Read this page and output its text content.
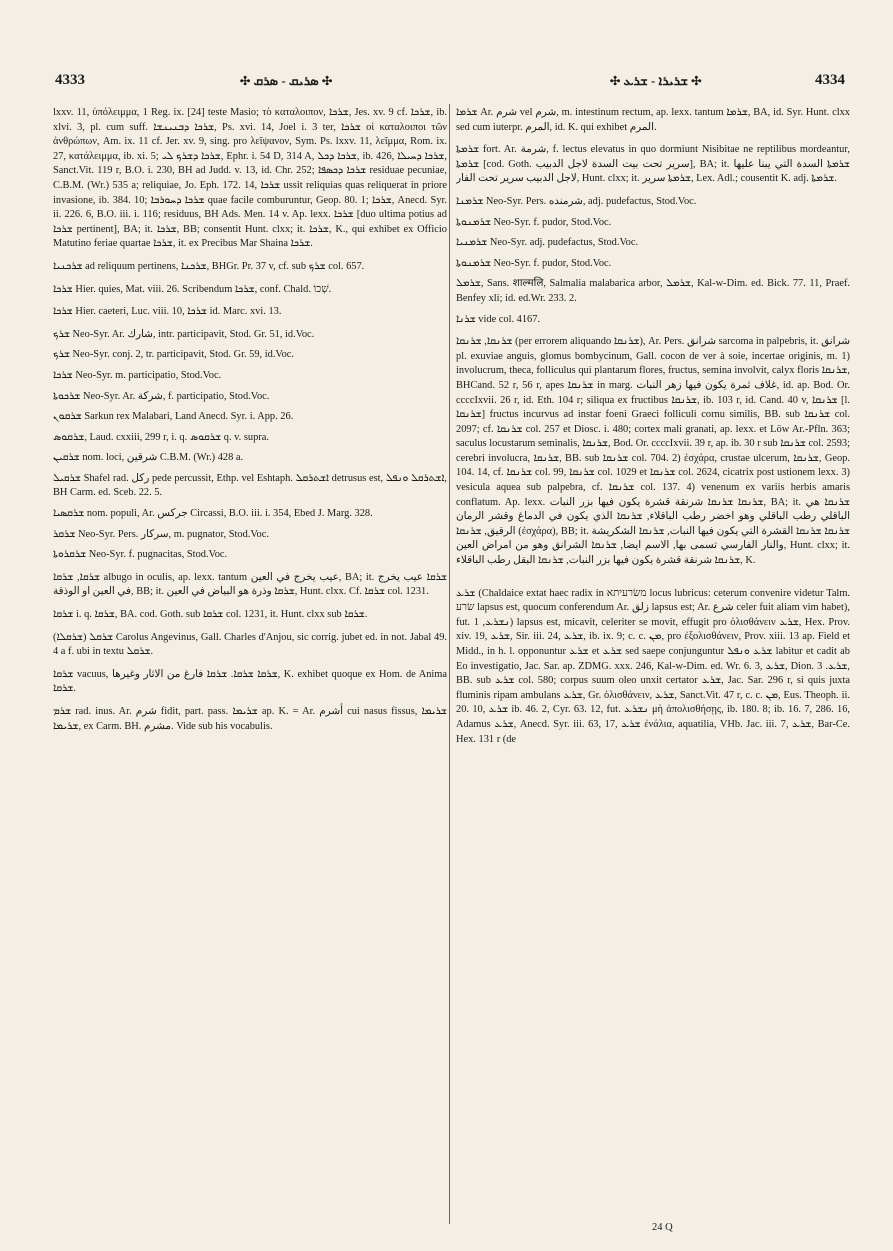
4333	✣ ܣܪܝܩ - ܣܪܩ ✣	✣ ܫܪܝܪܐ - ܫܪܥ ✣	4334

lxxv. 11, ὑπόλειμμα, 1 Reg. ix. [24] teste Masio; τὸ καταλοιπον, ܫܪܟܐ, Jes. xv. 9 cf. ܫܪܟܐ, ib. xlvi. 3, pl. cum suff. ܫܪܟܐ ܕܒܢܝܢܫܐ, Ps. xvi. 14, Joel i. 3 ter, ܫܪܟܐ οἱ καταλοιποι τῶν ἀνθρώπων, Am. ix. 11 cf. Jer. xv. 9, sing. pro λεῖψανον, Sym. Ps. lxxv. 11, λεῖμμα, Rom. ix. 27, κατάλειμμα, ib. xi. 5; ܫܪܟܐ ܕܫܪܟ ܠܝ, Ephr. i. 54 D, 314 A, ܫܪܟܐ ܕܟܠ, ib. 426, ܫܪܟܐ ܕܚܝܠܐ, Sanct.Vit. 119 r, B.O. i. 230, BH ad Judd. v. 13, id. Chr. 252; ܫܪܟܐ ܕܟܣܦܐ residuae pecuniae, C.B.M. (Wr.) 535 a; reliquiae, Jo. Eph. 172. 14, ܫܪܟܐ ussit reliquias quas reliquerat in priore invasione, ib. 384. 10; ܫܪܟܐ ܕܚܘܪܒܐ quae facile comburuntur, Geop. 80. 1; ܫܪܟܐ, Anecd. Syr. ii. 226. 6, B.O. iii. i. 116; residuus, BH Ads. Men. 14 v. Ap. lexx. ܫܪܟܐ [duo ultima potius ad ܫܪܟܐ pertinent], BA; it. ܫܪܟܐ, BB; consentit Hunt. clxx; it. ܫܪܟܐ, K., qui exhibet ex Officio Matutino feriae quartae ܫܪܟܐ, it. ex Precibus Mar Shaina ܫܪܟܐ.

ܫܪܟܢܝܐ ad reliquum pertinens, ܫܪܟܢܐ, BHGr. Pr. 37 v, cf. sub ܫܪܟ col. 657.

ܫܪܟܐ Hier. quies, Mat. viii. 26. Scribendum ܫܪܟܐ, conf. Chald. שְׁכוֹ.

ܫܪܟܐ Hier. caeteri, Luc. viii. 10, ܫܪܟܐ id. Marc. xvi. 13.

ܫܪܟ Neo-Syr. Ar. شارك, intr. participavit, Stod. Gr. 51, id.Voc.

ܫܪܟ Neo-Syr. conj. 2, tr. participavit, Stod. Gr. 59, id.Voc.

ܫܪܟܐ Neo-Syr. m. participatio, Stod.Voc.

ܫܪܟܘܬܐ Neo-Syr. Ar. شركة, f. participatio, Stod.Voc.

ܫܪܩܘܢ Sarkun rex Malabari, Land Anecd. Syr. i. App. 26.

ܫܪܩܘܣ, Laud. cxxiii, 299 r, i. q. ܫܪܩܘܣ q. v. supra.

ܫܪܩܝܢ nom. loci, شرقين C.B.M. (Wr.) 428 a.

ܫܪܩܝܠ Shafel rad. ركل pede percussit, Ethp. vel Eshtaph. ܐܫܬܪܩܠ detrusus est, ܐܫܬܪܩܠ ܘܢܦܠ, BH Carm. ed. Sceb. 22. 5.

ܫܪܩܣܝܐ nom. populi, Ar. جركس Circassi, B.O. iii. i. 354, Ebed J. Marg. 328.

ܫܪܩܪ Neo-Syr. Pers. سركار, m. pugnator, Stod.Voc.

ܫܪܩܪܘܬܐ Neo-Syr. f. pugnacitas, Stod.Voc.

ܫܪܩܐ, ܫܪܩܐ albugo in oculis, ap. lexx. tantum عيب يخرج في العين, BA; it. ܫܪܩܐ عيب يخرج في العين او الوذقة, BB; it. ܫܪܩܐ وذرة هو البياض في العين, Hunt. clxx. Cf. ܫܪܩܐ col. 1231.

ܫܪܩܐ i. q. ܫܪܩܐ, BA. cod. Goth. sub ܫܪܩܐ col. 1231, it. Hunt. clxx sub ܫܪܩܐ.

ܫܪܩܠ (ܫܪܩܠܐ) Carolus Angevinus, Gall. Charles d'Anjou, sic corrig. jubet ed. in not. Jabal 49. 4 a f. ubi in textu ܫܪܩܠ.

ܫܪܩܐ vacuus, ܫܪܩܐ ܫܪܩܐ. ܫܪܩܐ فارغ من الاثار وغيرها, K. exhibet quoque ex Hom. de Anima ܫܪܩܐ.

ܫܪܡ rad. inus. Ar. شرم fidit, part. pass. ܫܪܝܡܐ ap. K. = Ar. أشرم cui nasus fissus, ܫܪܝܡܐ ܫܪܝܡܐ, ex Carm. BH. مشرم. Vide sub his vocabulis.

ܫܪܡܐ Ar. شرم vel شرم, m. intestinum rectum, ap. lexx. tantum ܫܪܡܐ, BA, id. Syr. Hunt. clxx sed cum iuterpr. المرم, id. K. qui exhibet المرم.

ܫܪܡܬܐ fort. Ar. شرمة, f. lectus elevatus in quo dormiunt Nisibitae ne reptilibus mordeantur, ܫܪܡܬܐ [cod. Goth. سرير تحت بيت السدة لاجل الدبيب], BA; it. ܫܪܡܬܐ السدة التي يبنا عليها لاجل الدبيب سرير تحت الفار, Hunt. clxx; it. ܫܪܡܬܐ سرير, Lex. Adl.; cousentit K. adj. ܫܪܡܬܐ.

ܫܪܡܢܐ Neo-Syr. Pers. شرمنده, adj. pudefactus, Stod.Voc.

ܫܪܡܢܘܬܐ Neo-Syr. f. pudor, Stod.Voc.

ܫܪܡܢܝܐ Neo-Syr. adj. pudefactus, Stod.Voc.

ܫܪܡܢܘܬܐ Neo-Syr. f. pudor, Stod.Voc.

ܫܪܡܠ, Sans. शाल्मलि, Salmalia malabarica arbor, ܫܪܡܠ, Kal-w-Dim. ed. Bick. 77. 11, Praef. Benfey xli; id. ed.Wr. 233. 2.

ܫܪܢܐ vide col. 4167.

ܫܪܢܩܐ, ܫܪܢܩܐ (per errorem aliquando ܫܪܢܩܐ), Ar. Pers. شرانق sarcoma in palpebris, it. شرانق pl. exuviae anguis, glomus bombycinum, Gall. cocon de ver à soie, incertae originis, m. 1) involucrum, theca, folliculus qui plantarum flores, fructus, semina involvit, calyx floris ܫܪܢܩܐ, BHCand. 52 r, 56 r, apes ܫܪܢܩܐ in marg. غلاف ثمرة يكون فيها زهر النبات, id. ap. Bod. Or. ccccIxvii. 26 r, id. Eth. 104 r; siliqua ex fructibus ܫܪܢܩܐ, ib. 103 r, id. Cand. 40 v, ܫܪܢܩܐ [l. ܫܪܢܩܐ] fructus incurvus ad instar foeni Graeci folliculi cornu similis, BB. sub ܫܪܢܩܐ col. 2097; cf. ܫܪܢܩܐ col. 257 et Diosc. i. 480; cortex mali granati, ap. lexx. et Löw Ar.-Pfln. 363; saculus locustarum seminalis, ܫܪܢܩܐ, Bod. Or. ccccIxvii. 39 r, ap. ib. 30 r sub ܫܪܢܩܐ col. 2593; cerebri involucra, ܫܪܢܩܐ, BB. sub ܫܪܢܩܐ col. 704. 2) ἐσχάρα, crustae ulcerum, ܫܪܢܩܐ, Geop. 104. 14, cf. ܫܪܢܩܐ col. 99, ܫܪܢܩܐ col. 1029 et ܫܪܢܩܐ col. 2624, cicatrix post ustionem lexx. 3) vesicula aquea sub palpebra, cf. ܫܪܢܩܐ col. 137. 4) venenum ex variis herbis amaris conflatum. Ap. lexx. ܫܪܢܩܐ ܫܪܢܩܐ شرنقة قشرة يكون فيها بزر النبات, BA; it. ܫܪܢܩܐ هي الباقلي رطب الباقلي وهو اخضر رطب الباقلاء, ܫܪܢܩܐ الذي يكون في الدماغ وقشر الرمان الرقيق, ܫܪܢܩܐ (ἐσχάρα), BB; it. ܫܪܢܩܐ ܫܪܢܩܐ القشرة التي يكون فيها النبات, ܫܪܢܩܐ الشكريشة والنار الفارسي تسمى بها, الاسم ايضا, ܫܪܢܩܐ الشرانق وهو من امراض العين, Hunt. clxx; it. ܫܪܢܩܐ شرنقة قشرة يكون فيها بزر النبات, ܫܪܢܩܐ البقل رطب الباقلاء, K.

ܫܪܥ (Chaldaice extat haec radix in משׂרעיתא locus lubricus: ceterum convenire videtur Talm. שׂרע lapsus est, quocum conferendum Ar. زلق lapsus est; Ar. شرع celer fuit aliam vim habet), fut. ܢܫܪܥ, 1) lapsus est, micavit, celeriter se movit, effugit pro ὀλισθάνειν ܫܪܥ, Hex. Prov. xiv. 19, ܫܪܥ, Sir. iii. 24, ܫܪܥ, ib. ix. 9; c. c. ܡܢ, pro ἐξολισθάνειν, Prov. xiii. 13 ap. Field et Midd., in h. l. opponuntur ܫܪܥ et ܫܪܥ sed saepe conjunguntur ܫܪܥ ܘܢܦܠ labitur et cadit ab Eo investigatio, Jac. Sar. ap. ZDMG. xxx. 246, Kal-w-Dim. ed. Wr. 6. 3, ܫܪܥ, Dion. ܫܪܥ. 3, BB. sub ܫܪܥ col. 580; corpus suum oleo unxit certator ܫܪܥ, Jac. Sar. 296 r, si quis juxta fluminis ripam ambulans ܫܪܥ, Gr. ὀλισθάνειν, ܫܪܥ, Sanct.Vit. 47 r, c. c. ܡܢ, Eus. Theoph. ii. 20. 10, ܫܪܥ ib. 46. 2, Cyr. 63. 12, fut. ܢܫܪܥ μὴ ἀπολισθήσῃς, ib. 180. 8; ib. 16. 7, 286. 16, Adamus ܫܪܥ, Anecd. Syr. iii. 63, 17, ܫܪܥ ἐνάλια, aquatilia, VHb. Jac. iii. 7, ܫܪܥ, Bar-Ce. Hex. 131 r (de

24 Q
